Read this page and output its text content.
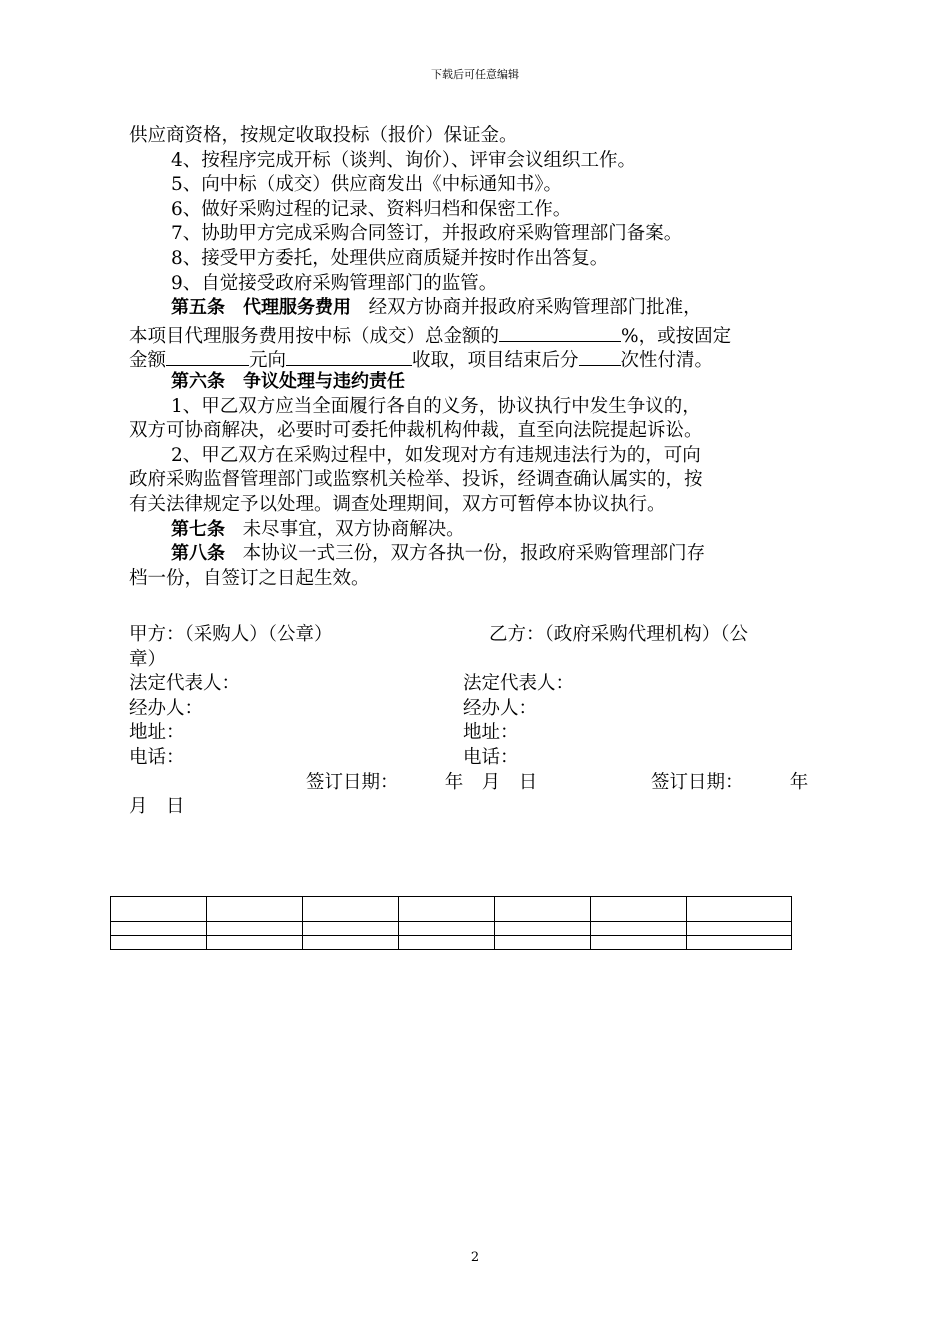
下载后可任意编辑
供应商资格，按规定收取投标（报价）保证金。
4、按程序完成开标（谈判、询价）、评审会议组织工作。
5、向中标（成交）供应商发出《中标通知书》。
6、做好采购过程的记录、资料归档和保密工作。
7、协助甲方完成采购合同签订，并报政府采购管理部门备案。
8、接受甲方委托，处理供应商质疑并按时作出答复。
9、自觉接受政府采购管理部门的监管。
第五条　代理服务费用 经双方协商并报政府采购管理部门批准，
本项目代理服务费用按中标（成交）总金额的	%，或按固定
金额	元向	收取，项目结束后分 次性付清。
第六条　争议处理与违约责任
1、甲乙双方应当全面履行各自的义务，协议执行中发生争议的，
双方可协商解决，必要时可委托仲裁机构仲裁，直至向法院提起诉讼。
2、甲乙双方在采购过程中，如发现对方有违规违法行为的，可向
政府采购监督管理部门或监察机关检举、投诉，经调查确认属实的，按
有关法律规定予以处理。调查处理期间，双方可暂停本协议执行。
第七条 未尽事宜，双方协商解决。
第八条 本协议一式三份，双方各执一份，报政府采购管理部门存
档一份，自签订之日起生效。
甲方：（采购人）（公章）	乙方：（政府采购代理机构）（公
章）
法定代表人：	法定代表人：
经办人：	经办人：
地址：	地址：
电话：	电话：
签订日期：　　　年　月　日	签订日期：　　　年
月　日

2
